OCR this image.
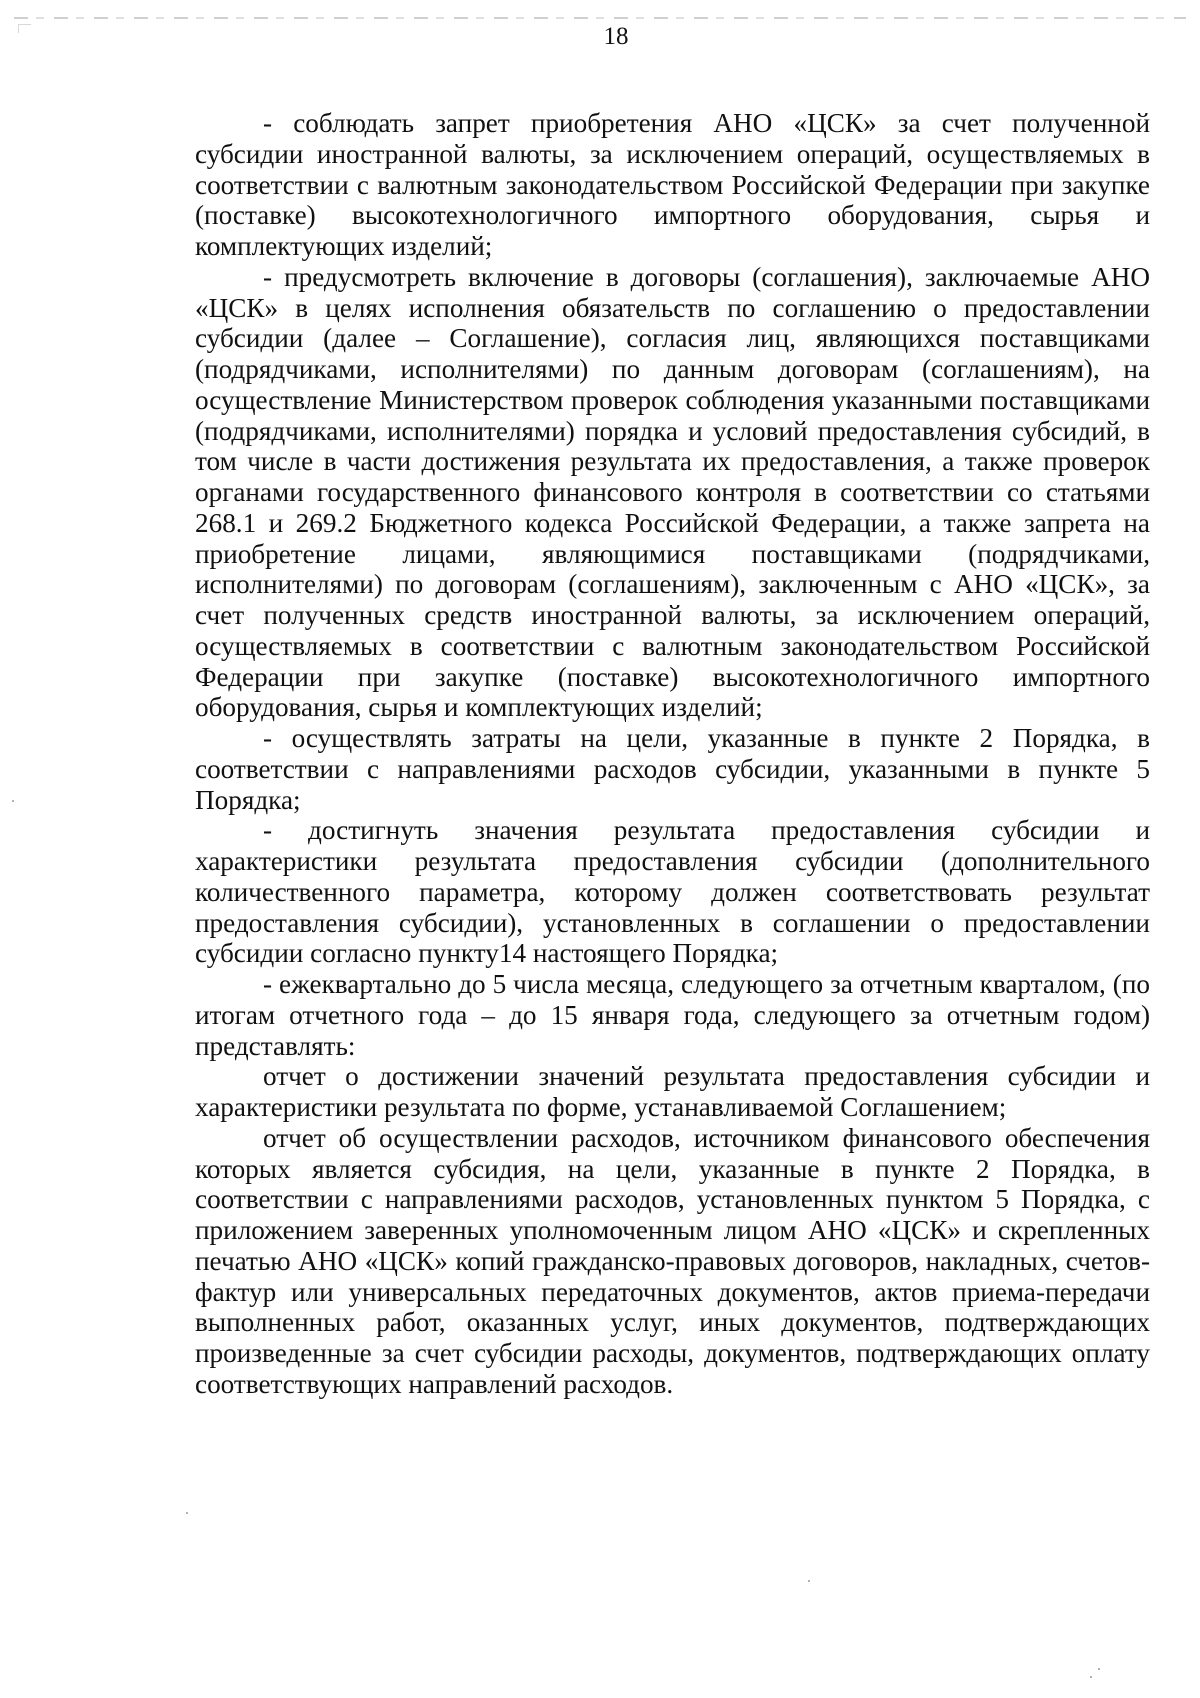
18

- соблюдать запрет приобретения АНО «ЦСК» за счет полученной субсидии иностранной валюты, за исключением операций, осуществляемых в соответствии с валютным законодательством Российской Федерации при закупке (поставке) высокотехнологичного импортного оборудования, сырья и комплектующих изделий;

- предусмотреть включение в договоры (соглашения), заключаемые АНО «ЦСК» в целях исполнения обязательств по соглашению о предоставлении субсидии (далее – Соглашение), согласия лиц, являющихся поставщиками (подрядчиками, исполнителями) по данным договорам (соглашениям), на осуществление Министерством проверок соблюдения указанными поставщиками (подрядчиками, исполнителями) порядка и условий предоставления субсидий, в том числе в части достижения результата их предоставления, а также проверок органами государственного финансового контроля в соответствии со статьями 268.1 и 269.2 Бюджетного кодекса Российской Федерации, а также запрета на приобретение лицами, являющимися поставщиками (подрядчиками, исполнителями) по договорам (соглашениям), заключенным с АНО «ЦСК», за счет полученных средств иностранной валюты, за исключением операций, осуществляемых в соответствии с валютным законодательством Российской Федерации при закупке (поставке) высокотехнологичного импортного оборудования, сырья и комплектующих изделий;

- осуществлять затраты на цели, указанные в пункте 2 Порядка, в соответствии с направлениями расходов субсидии, указанными в пункте 5 Порядка;

- достигнуть значения результата предоставления субсидии и характеристики результата предоставления субсидии (дополнительного количественного параметра, которому должен соответствовать результат предоставления субсидии), установленных в соглашении о предоставлении субсидии согласно пункту14 настоящего Порядка;

- ежеквартально до 5 числа месяца, следующего за отчетным кварталом, (по итогам отчетного года – до 15 января года, следующего за отчетным годом) представлять:

отчет о достижении значений результата предоставления субсидии и характеристики результата по форме, устанавливаемой Соглашением;

отчет об осуществлении расходов, источником финансового обеспечения которых является субсидия, на цели, указанные в пункте 2 Порядка, в соответствии с направлениями расходов, установленных пунктом 5 Порядка, с приложением заверенных уполномоченным лицом АНО «ЦСК» и скрепленных печатью АНО «ЦСК» копий гражданско-правовых договоров, накладных, счетов-фактур или универсальных передаточных документов, актов приема-передачи выполненных работ, оказанных услуг, иных документов, подтверждающих произведенные за счет субсидии расходы, документов, подтверждающих оплату соответствующих направлений расходов.
